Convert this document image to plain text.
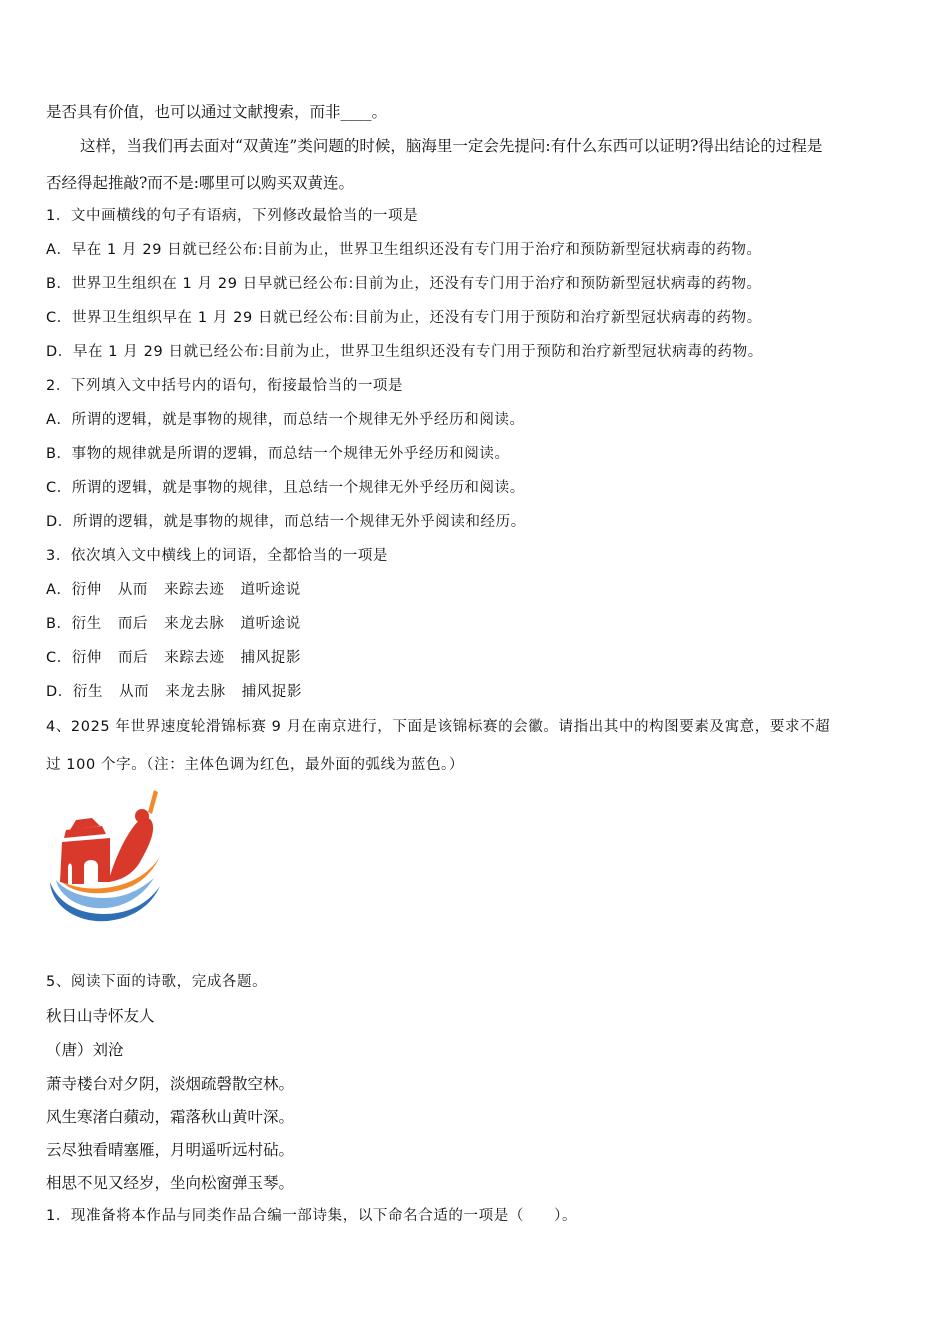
是否具有价值，也可以通过文献搜索，而非____。
这样，当我们再去面对“双黄连”类问题的时候，脑海里一定会先提问:有什么东西可以证明?得出结论的过程是
否经得起推敲?而不是:哪里可以购买双黄连。
1．文中画横线的句子有语病，下列修改最恰当的一项是
A．早在 1 月 29 日就已经公布:目前为止，世界卫生组织还没有专门用于治疗和预防新型冠状病毒的药物。
B．世界卫生组织在 1 月 29 日早就已经公布:目前为止，还没有专门用于治疗和预防新型冠状病毒的药物。
C．世界卫生组织早在 1 月 29 日就已经公布:目前为止，还没有专门用于预防和治疗新型冠状病毒的药物。
D．早在 1 月 29 日就已经公布:目前为止，世界卫生组织还没有专门用于预防和治疗新型冠状病毒的药物。
2．下列填入文中括号内的语句，衔接最恰当的一项是
A．所谓的逻辑，就是事物的规律，而总结一个规律无外乎经历和阅读。
B．事物的规律就是所谓的逻辑，而总结一个规律无外乎经历和阅读。
C．所谓的逻辑，就是事物的规律，且总结一个规律无外乎经历和阅读。
D．所谓的逻辑，就是事物的规律，而总结一个规律无外乎阅读和经历。
3．依次填入文中横线上的词语，全都恰当的一项是
A．衍伸 从而 来踪去迹 道听途说
B．衍生 而后 来龙去脉 道听途说
C．衍伸 而后 来踪去迹 捕风捉影
D．衍生 从而 来龙去脉 捕风捉影
4、2025 年世界速度轮滑锦标赛 9 月在南京进行，下面是该锦标赛的会徽。请指出其中的构图要素及寓意，要求不超
过 100 个字。（注：主体色调为红色，最外面的弧线为蓝色。）
5、阅读下面的诗歌，完成各题。
秋日山寺怀友人
（唐）刘沧
萧寺楼台对夕阴，淡烟疏磬散空林。
风生寒渚白蘋动，霜落秋山黄叶深。
云尽独看晴塞雁，月明遥听远村砧。
相思不见又经岁，坐向松窗弹玉琴。
1．现准备将本作品与同类作品合编一部诗集，以下命名合适的一项是（　　）。
